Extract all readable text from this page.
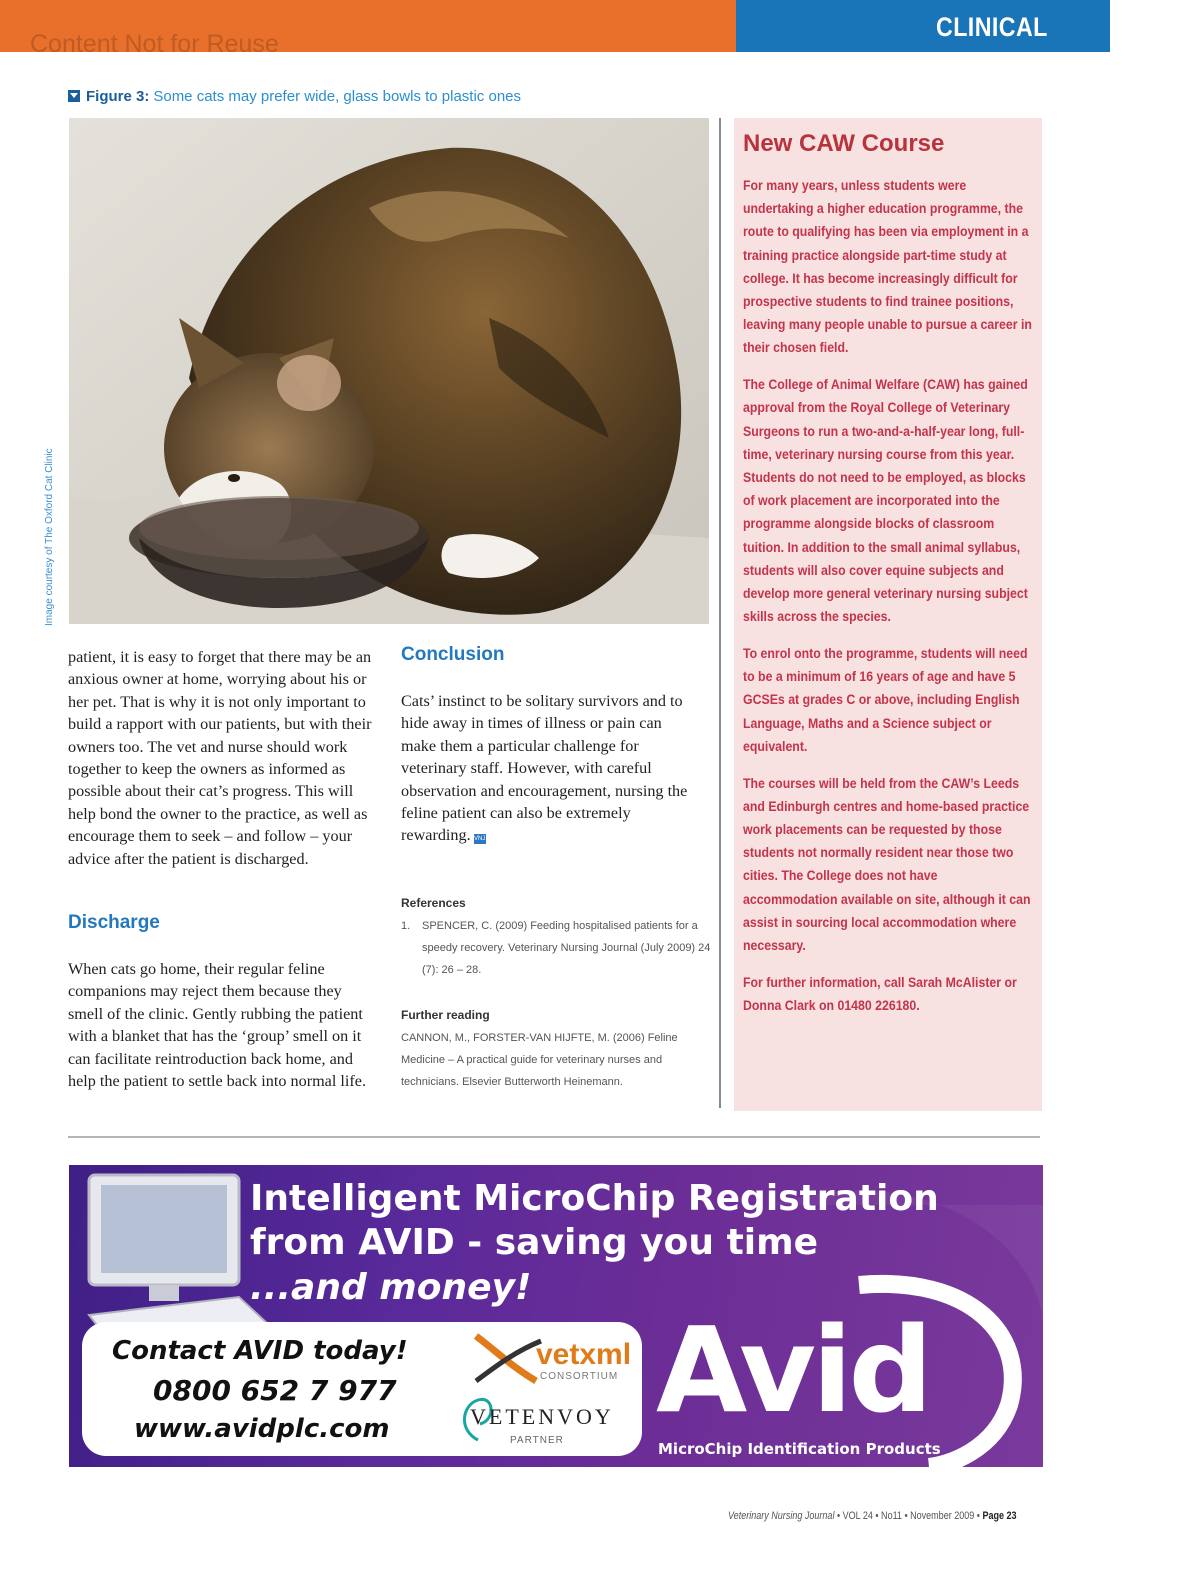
Content Not for Reuse
CLINICAL
Figure 3: Some cats may prefer wide, glass bowls to plastic ones
Image courtesy of The Oxford Cat Clinic

patient, it is easy to forget that there may be an anxious owner at home, worrying about his or her pet. That is why it is not only important to build a rapport with our patients, but with their owners too. The vet and nurse should work together to keep the owners as informed as possible about their cat’s progress. This will help bond the owner to the practice, as well as encourage them to seek – and follow – your advice after the patient is discharged.

Discharge

When cats go home, their regular feline companions may reject them because they smell of the clinic. Gently rubbing the patient with a blanket that has the ‘group’ smell on it can facilitate reintroduction back home, and help the patient to settle back into normal life.

Conclusion

Cats’ instinct to be solitary survivors and to hide away in times of illness or pain can make them a particular challenge for veterinary staff. However, with careful observation and encouragement, nursing the feline patient can also be extremely rewarding. VNJ

References
1.	SPENCER, C. (2009) Feeding hospitalised patients for a speedy recovery. Veterinary Nursing Journal (July 2009) 24 (7): 26 – 28.

Further reading

CANNON, M., FORSTER-VAN HIJFTE, M. (2006) Feline Medicine – A practical guide for veterinary nurses and technicians. Elsevier Butterworth Heinemann.

New CAW Course

For many years, unless students were undertaking a higher education programme, the route to qualifying has been via employment in a training practice alongside part-time study at college. It has become increasingly difficult for prospective students to find trainee positions, leaving many people unable to pursue a career in their chosen field.

The College of Animal Welfare (CAW) has gained approval from the Royal College of Veterinary Surgeons to run a two-and-a-half-year long, full-time, veterinary nursing course from this year. Students do not need to be employed, as blocks of work placement are incorporated into the programme alongside blocks of classroom tuition. In addition to the small animal syllabus, students will also cover equine subjects and develop more general veterinary nursing subject skills across the species.

To enrol onto the programme, students will need to be a minimum of 16 years of age and have 5 GCSEs at grades C or above, including English Language, Maths and a Science subject or equivalent.

The courses will be held from the CAW’s Leeds and Edinburgh centres and home-based practice work placements can be requested by those students not normally resident near those two cities. The College does not have accommodation available on site, although it can assist in sourcing local accommodation where necessary.

For further information, call Sarah McAlister or Donna Clark on 01480 226180.

Intelligent MicroChip Registration
from AVID - saving you time
...and money!
Contact AVID today!
0800 652 7 977
www.avidplc.com
vetxml
CONSORTIUM
VETENVOY
PARTNER
Avid
MicroChip Identification Products
Veterinary Nursing Journal • VOL 24 • No11 • November 2009 • Page 23
